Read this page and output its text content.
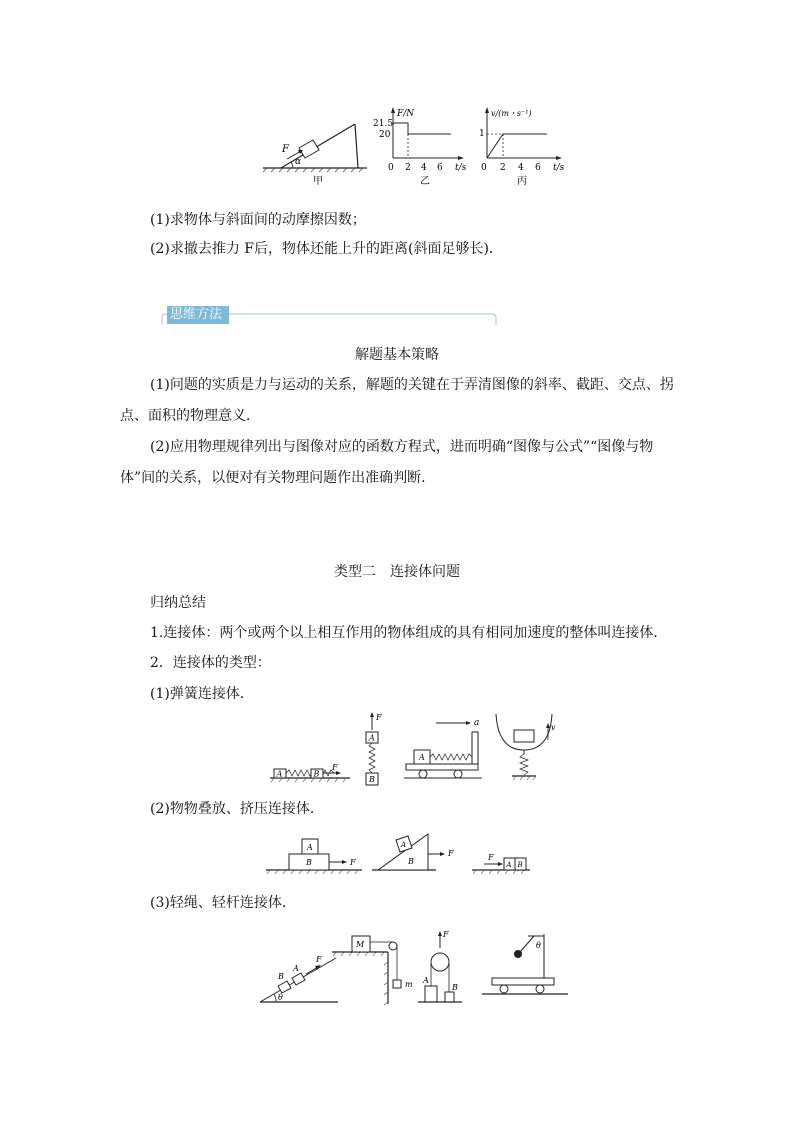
F
α
甲
F/N
21.5
20
0 2 4 6 t/s
乙
v/(m・s⁻¹)
1
0 2 4 6 t/s
丙
(1)求物体与斜面间的动摩擦因数；
(2)求撤去推力 F后，物体还能上升的距离(斜面足够长)．
思维方法
解题基本策略
(1)问题的实质是力与运动的关系，解题的关键在于弄清图像的斜率、截距、交点、拐
点、面积的物理意义．
(2)应用物理规律列出与图像对应的函数方程式，进而明确“图像与公式”“图像与物
体”间的关系，以便对有关物理问题作出准确判断．
类型二　连接体问题
归纳总结
1.连接体：两个或两个以上相互作用的物体组成的具有相同加速度的整体叫连接体．
2．连接体的类型：
(1)弹簧连接体．
A	B
F
F
A
B
a
A
v
(2)物物叠放、挤压连接体．
B
A
F
A
B
F	F
A B
(3)轻绳、轻杆连接体．
θ
B
A
F
M
m
F
A
B
θ
